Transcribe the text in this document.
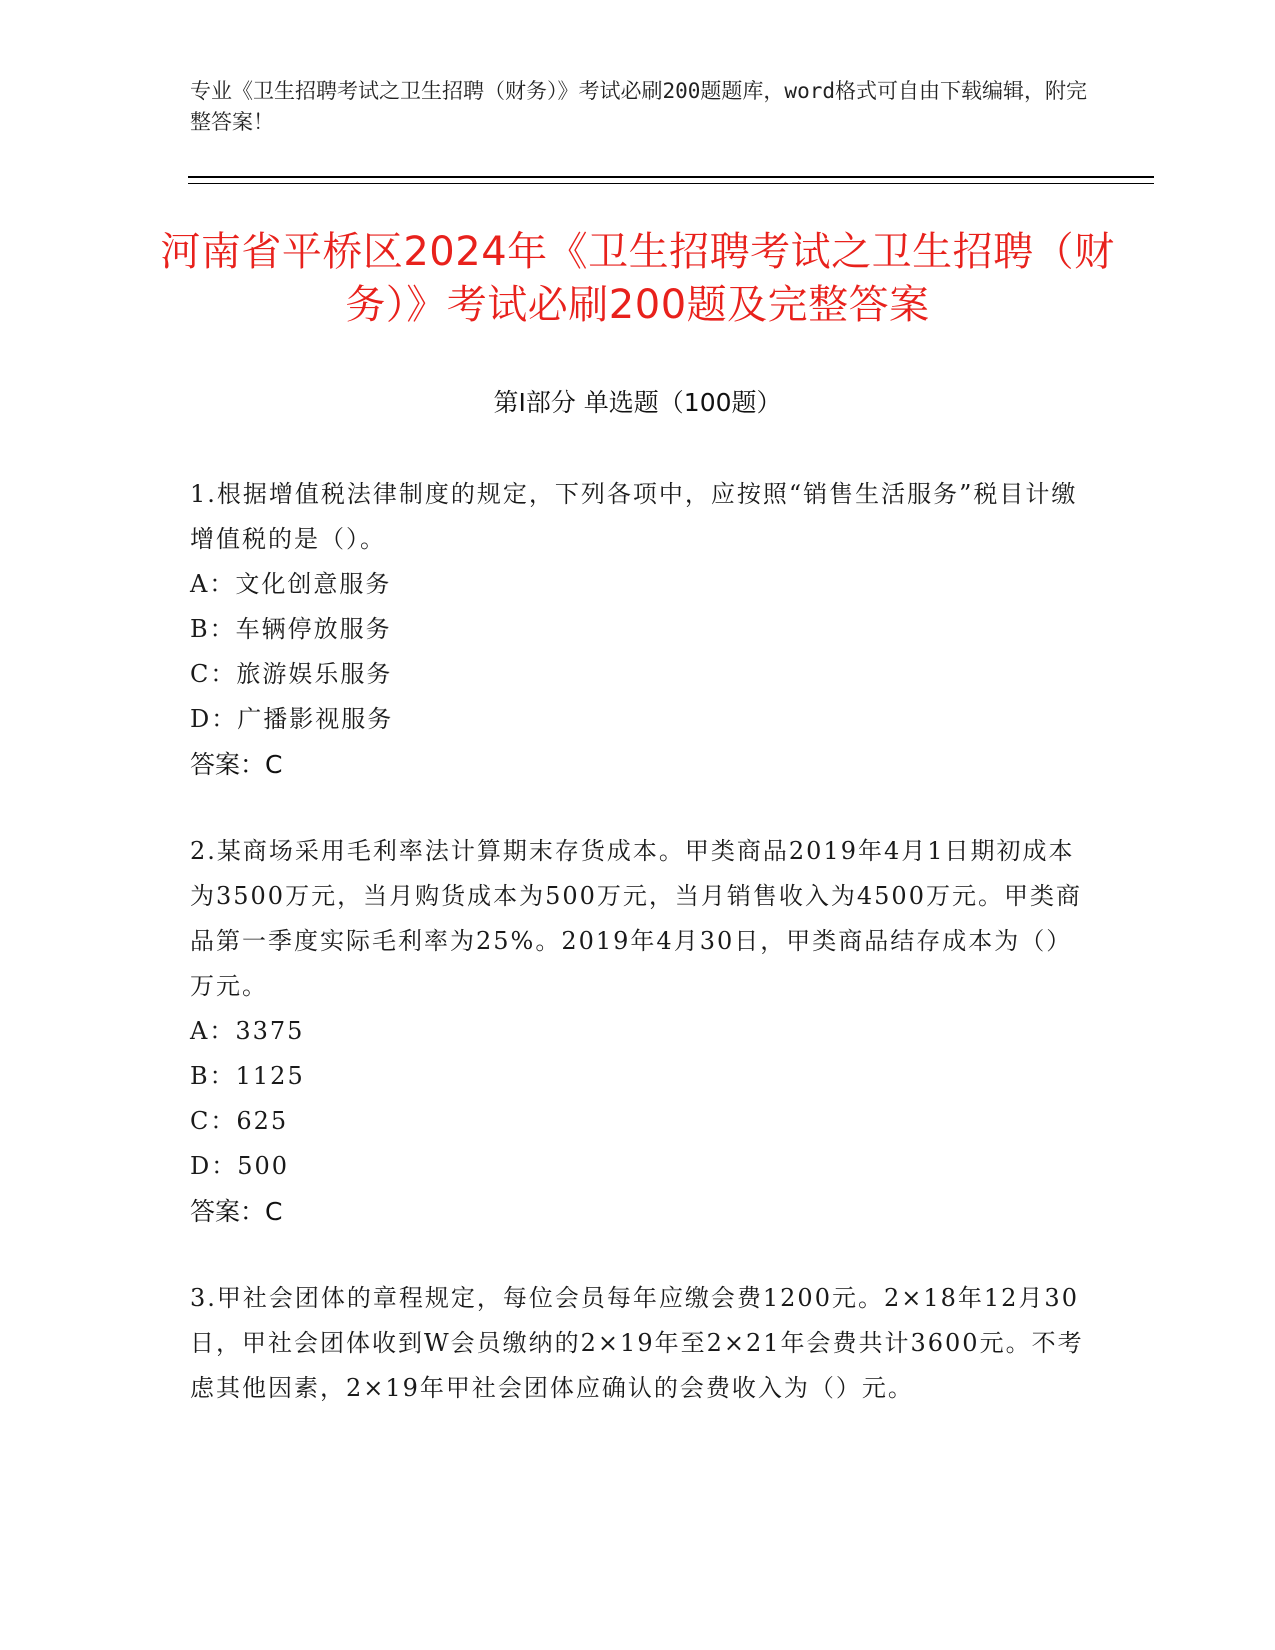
专业《卫生招聘考试之卫生招聘（财务）》考试必刷200题题库，word格式可自由下载编辑，附完整答案！
河南省平桥区2024年《卫生招聘考试之卫生招聘（财务）》考试必刷200题及完整答案
第Ⅰ部分 单选题（100题）

1.根据增值税法律制度的规定，下列各项中，应按照“销售生活服务”税目计缴增值税的是（）。

A：文化创意服务

B：车辆停放服务

C：旅游娱乐服务

D：广播影视服务

答案：C

2.某商场采用毛利率法计算期末存货成本。甲类商品2019年4月1日期初成本为3500万元，当月购货成本为500万元，当月销售收入为4500万元。甲类商品第一季度实际毛利率为25%。2019年4月30日，甲类商品结存成本为（）万元。

A：3375

B：1125

C：625

D：500

答案：C

3.甲社会团体的章程规定，每位会员每年应缴会费1200元。2×18年12月30日，甲社会团体收到W会员缴纳的2×19年至2×21年会费共计3600元。不考虑其他因素，2×19年甲社会团体应确认的会费收入为（）元。
